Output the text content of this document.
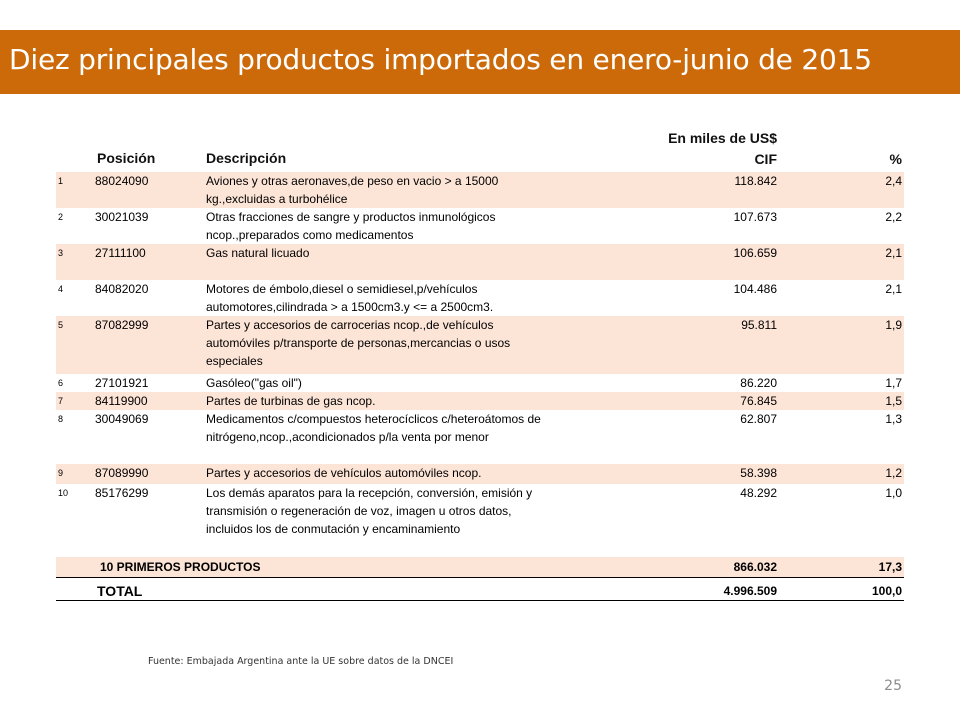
Diez principales productos importados en enero-junio de 2015
Posición	Descripción
En miles de US$
CIF	%
1	88024090	Aviones y otras aeronaves,de peso en vacio > a 15000
kg.,excluidas a turbohélice
118.842	2,4
2	30021039	Otras fracciones de sangre y productos inmunológicos
ncop.,preparados como medicamentos
107.673	2,2
3	27111100	Gas natural licuado	106.659	2,1
4	84082020	Motores de émbolo,diesel o semidiesel,p/vehículos
automotores,cilindrada > a 1500cm3.y <= a 2500cm3.
104.486	2,1
5	87082999	Partes y accesorios de carrocerias ncop.,de vehículos
automóviles p/transporte de personas,mercancias o usos
especiales
95.811	1,9
6	27101921	Gasóleo("gas oil")	86.220	1,7
7	84119900	Partes de turbinas de gas ncop.	76.845	1,5
8	30049069	Medicamentos c/compuestos heterocíclicos c/heteroátomos de
nitrógeno,ncop.,acondicionados p/la venta por menor
62.807	1,3
9	87089990	Partes y accesorios de vehículos automóviles ncop.	58.398	1,2
10	85176299	Los demás aparatos para la recepción, conversión, emisión y
transmisión o regeneración de voz, imagen u otros datos,
incluidos los de conmutación y encaminamiento
48.292	1,0
10 PRIMEROS PRODUCTOS	866.032	17,3
TOTAL	4.996.509	100,0
Fuente: Embajada Argentina ante la UE sobre datos de la DNCEI
25
